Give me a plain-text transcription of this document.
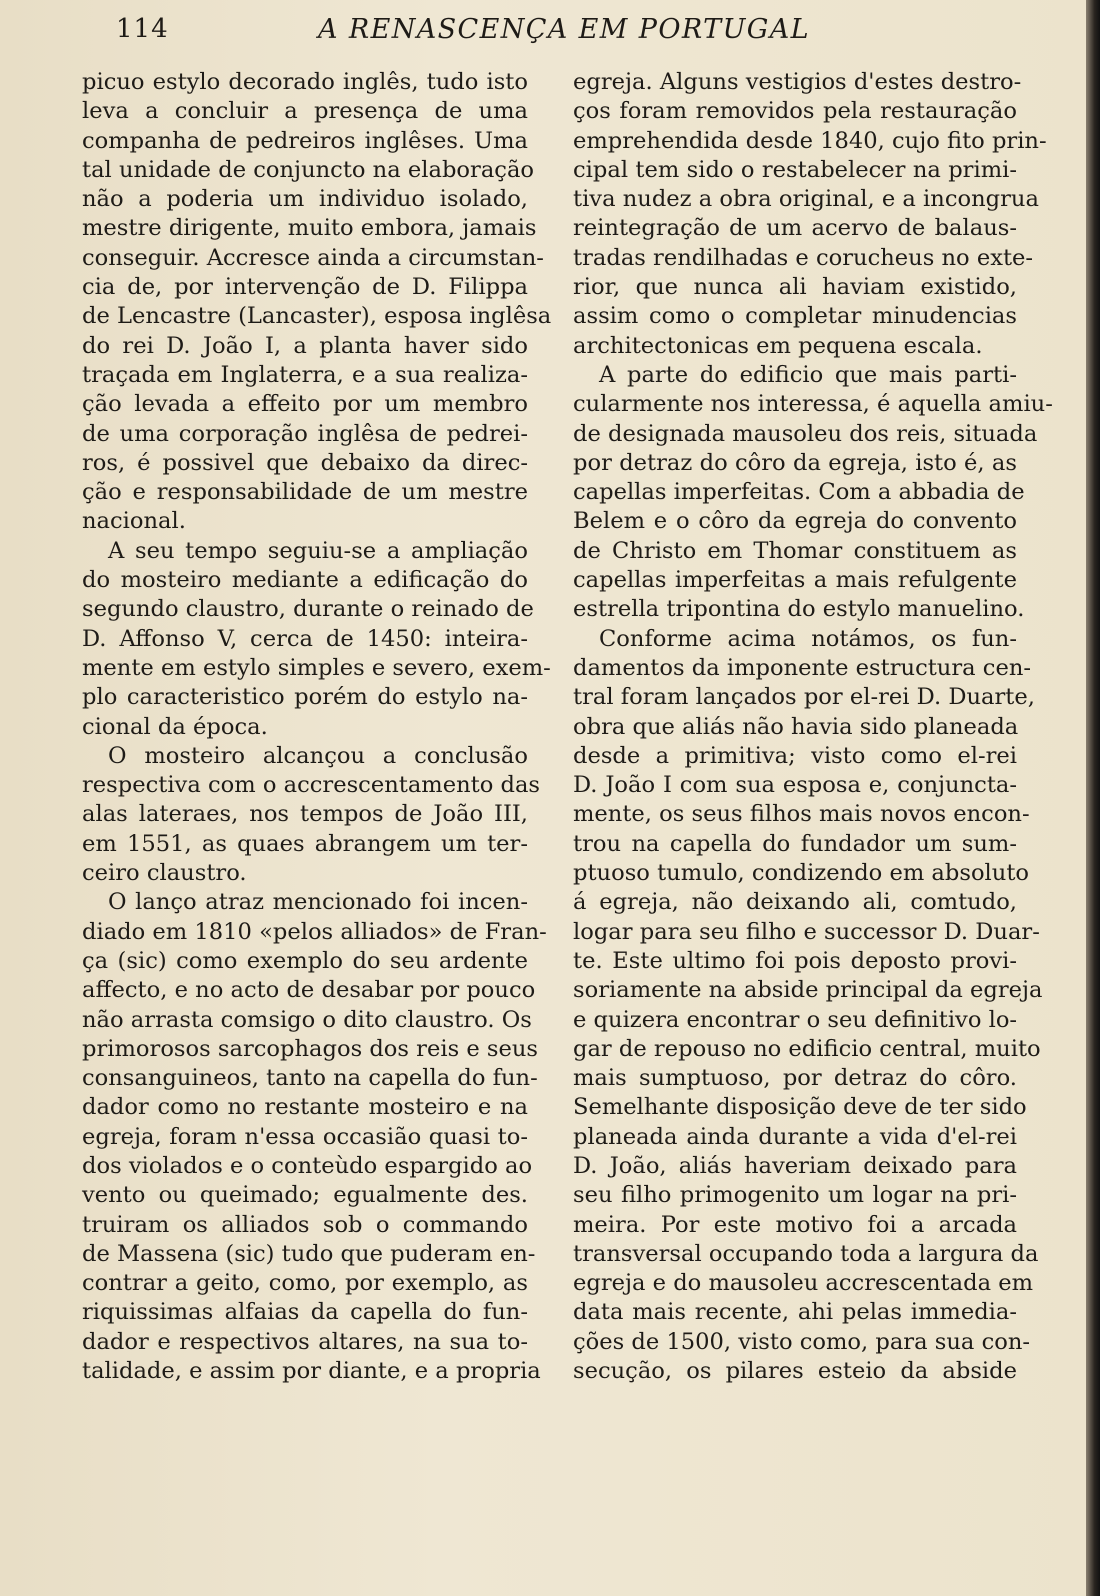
114	A RENASCENÇA EM PORTUGAL
picuo estylo decorado inglês, tudo isto
leva a concluir a presença de uma
companha de pedreiros inglêses. Uma
tal unidade de conjuncto na elaboração
não a poderia um individuo isolado,
mestre dirigente, muito embora, jamais
conseguir. Accresce ainda a circumstan-
cia de, por intervenção de D. Filippa
de Lencastre (Lancaster), esposa inglêsa
do rei D. João I, a planta haver sido
traçada em Inglaterra, e a sua realiza-
ção levada a effeito por um membro
de uma corporação inglêsa de pedrei-
ros, é possivel que debaixo da direc-
ção e responsabilidade de um mestre
nacional.
A seu tempo seguiu-se a ampliação
do mosteiro mediante a edificação do
segundo claustro, durante o reinado de
D. Affonso V, cerca de 1450: inteira-
mente em estylo simples e severo, exem-
plo caracteristico porém do estylo na-
cional da época.
O mosteiro alcançou a conclusão
respectiva com o accrescentamento das
alas lateraes, nos tempos de João III,
em 1551, as quaes abrangem um ter-
ceiro claustro.
O lanço atraz mencionado foi incen-
diado em 1810 «pelos alliados» de Fran-
ça (sic) como exemplo do seu ardente
affecto, e no acto de desabar por pouco
não arrasta comsigo o dito claustro. Os
primorosos sarcophagos dos reis e seus
consanguineos, tanto na capella do fun-
dador como no restante mosteiro e na
egreja, foram n'essa occasião quasi to-
dos violados e o conteùdo espargido ao
vento ou queimado; egualmente des.
truiram os alliados sob o commando
de Massena (sic) tudo que puderam en-
contrar a geito, como, por exemplo, as
riquissimas alfaias da capella do fun-
dador e respectivos altares, na sua to-
talidade, e assim por diante, e a propria
egreja. Alguns vestigios d'estes destro-
ços foram removidos pela restauração
emprehendida desde 1840, cujo fito prin-
cipal tem sido o restabelecer na primi-
tiva nudez a obra original, e a incongrua
reintegração de um acervo de balaus-
tradas rendilhadas e corucheus no exte-
rior, que nunca ali haviam existido,
assim como o completar minudencias
architectonicas em pequena escala.
A parte do edificio que mais parti-
cularmente nos interessa, é aquella amiu-
de designada mausoleu dos reis, situada
por detraz do côro da egreja, isto é, as
capellas imperfeitas. Com a abbadia de
Belem e o côro da egreja do convento
de Christo em Thomar constituem as
capellas imperfeitas a mais refulgente
estrella tripontina do estylo manuelino.
Conforme acima notámos, os fun-
damentos da imponente estructura cen-
tral foram lançados por el-rei D. Duarte,
obra que aliás não havia sido planeada
desde a primitiva; visto como el-rei
D. João I com sua esposa e, conjuncta-
mente, os seus filhos mais novos encon-
trou na capella do fundador um sum-
ptuoso tumulo, condizendo em absoluto
á egreja, não deixando ali, comtudo,
logar para seu filho e successor D. Duar-
te. Este ultimo foi pois deposto provi-
soriamente na abside principal da egreja
e quizera encontrar o seu definitivo lo-
gar de repouso no edificio central, muito
mais sumptuoso, por detraz do côro.
Semelhante disposição deve de ter sido
planeada ainda durante a vida d'el-rei
D. João, aliás haveriam deixado para
seu filho primogenito um logar na pri-
meira. Por este motivo foi a arcada
transversal occupando toda a largura da
egreja e do mausoleu accrescentada em
data mais recente, ahi pelas immedia-
ções de 1500, visto como, para sua con-
secução, os pilares esteio da abside
